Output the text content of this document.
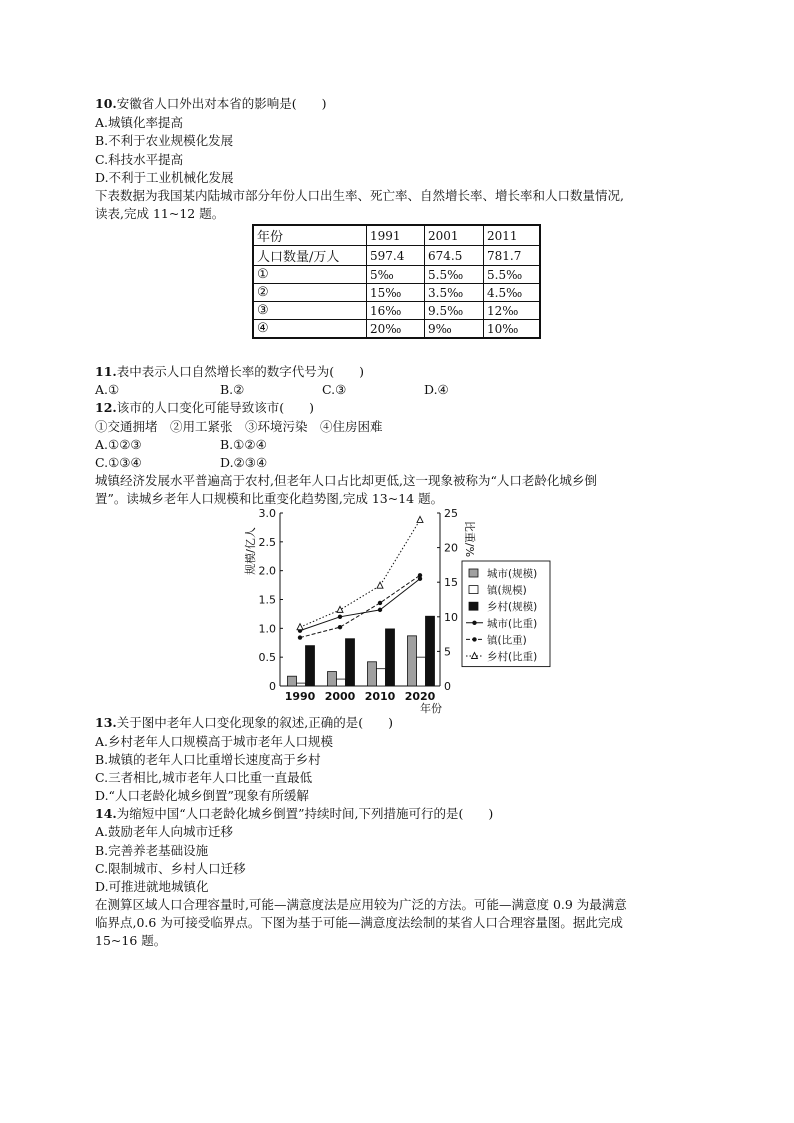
10.安徽省人口外出对本省的影响是(　　)
A.城镇化率提高
B.不利于农业规模化发展
C.科技水平提高
D.不利于工业机械化发展
下表数据为我国某内陆城市部分年份人口出生率、死亡率、自然增长率、增长率和人口数量情况,
读表,完成 11~12 题。
年份	1991	2001	2011
人口数量/万人	597.4	674.5	781.7
①	5‰	5.5‰	5.5‰
②	15‰	3.5‰	4.5‰
③	16‰	9.5‰	12‰
④	20‰	9‰	10‰
11.表中表示人口自然增长率的数字代号为(　　)
A.①	B.②	C.③	D.④
12.该市的人口变化可能导致该市(　　)
①交通拥堵　②用工紧张　③环境污染　④住房困难
A.①②③	B.①②④
C.①③④	D.②③④
城镇经济发展水平普遍高于农村,但老年人口占比却更低,这一现象被称为“人口老龄化城乡倒
置”。读城乡老年人口规模和比重变化趋势图,完成 13~14 题。
0
0.5
1.0
1.5
2.0
2.5
3.0
0
5
10
15
20
25
1990 2000 2010 2020
年份
规模/亿人	比重/%
城市(规模)
镇(规模)
乡村(规模)
城市(比重)
镇(比重)
乡村(比重)
13.关于图中老年人口变化现象的叙述,正确的是(　　)
A.乡村老年人口规模高于城市老年人口规模
B.城镇的老年人口比重增长速度高于乡村
C.三者相比,城市老年人口比重一直最低
D.“人口老龄化城乡倒置”现象有所缓解
14.为缩短中国“人口老龄化城乡倒置”持续时间,下列措施可行的是(　　)
A.鼓励老年人向城市迁移
B.完善养老基础设施
C.限制城市、乡村人口迁移
D.可推进就地城镇化
在测算区域人口合理容量时,可能—满意度法是应用较为广泛的方法。可能—满意度 0.9 为最满意
临界点,0.6 为可接受临界点。下图为基于可能—满意度法绘制的某省人口合理容量图。据此完成
15~16 题。
